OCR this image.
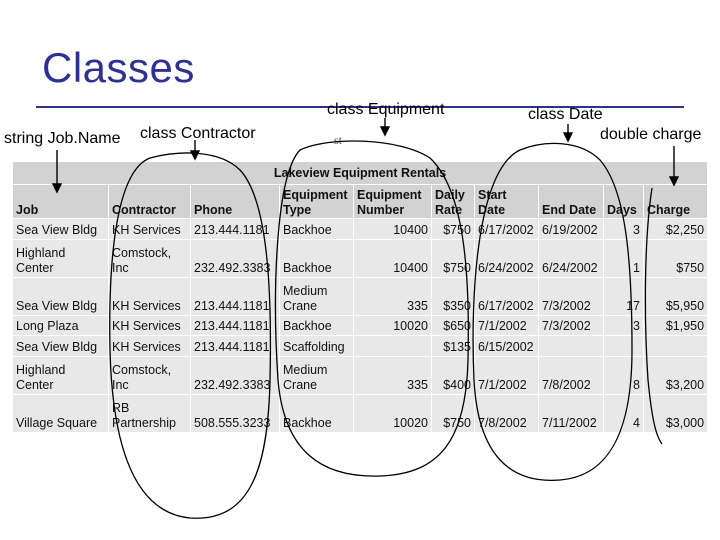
Classes
string Job.Name class Contractor
class Equipment	class Date
double charge
st
Lakeview Equipment Rentals									
Job	Contractor	Phone	Equipment Type	Equipment Number	Daily Rate	Start Date	End Date	Days	Charge
Sea View Bldg	KH Services	213.444.1181	Backhoe	10400	$750	6/17/2002	6/19/2002	3	$2,250
Highland Center	Comstock, Inc	232.492.3383	Backhoe	10400	$750	6/24/2002	6/24/2002	1	$750
Sea View Bldg	KH Services	213.444.1181	Medium Crane	335	$350	6/17/2002	7/3/2002	17	$5,950
Long Plaza	KH Services	213.444.1181	Backhoe	10020	$650	7/1/2002	7/3/2002	3	$1,950
Sea View Bldg	KH Services	213.444.1181	Scaffolding		$135	6/15/2002			
Highland Center	Comstock, Inc	232.492.3383	Medium Crane	335	$400	7/1/2002	7/8/2002	8	$3,200
Village Square	RB Partnership	508.555.3233	Backhoe	10020	$750	7/8/2002	7/11/2002	4	$3,000
